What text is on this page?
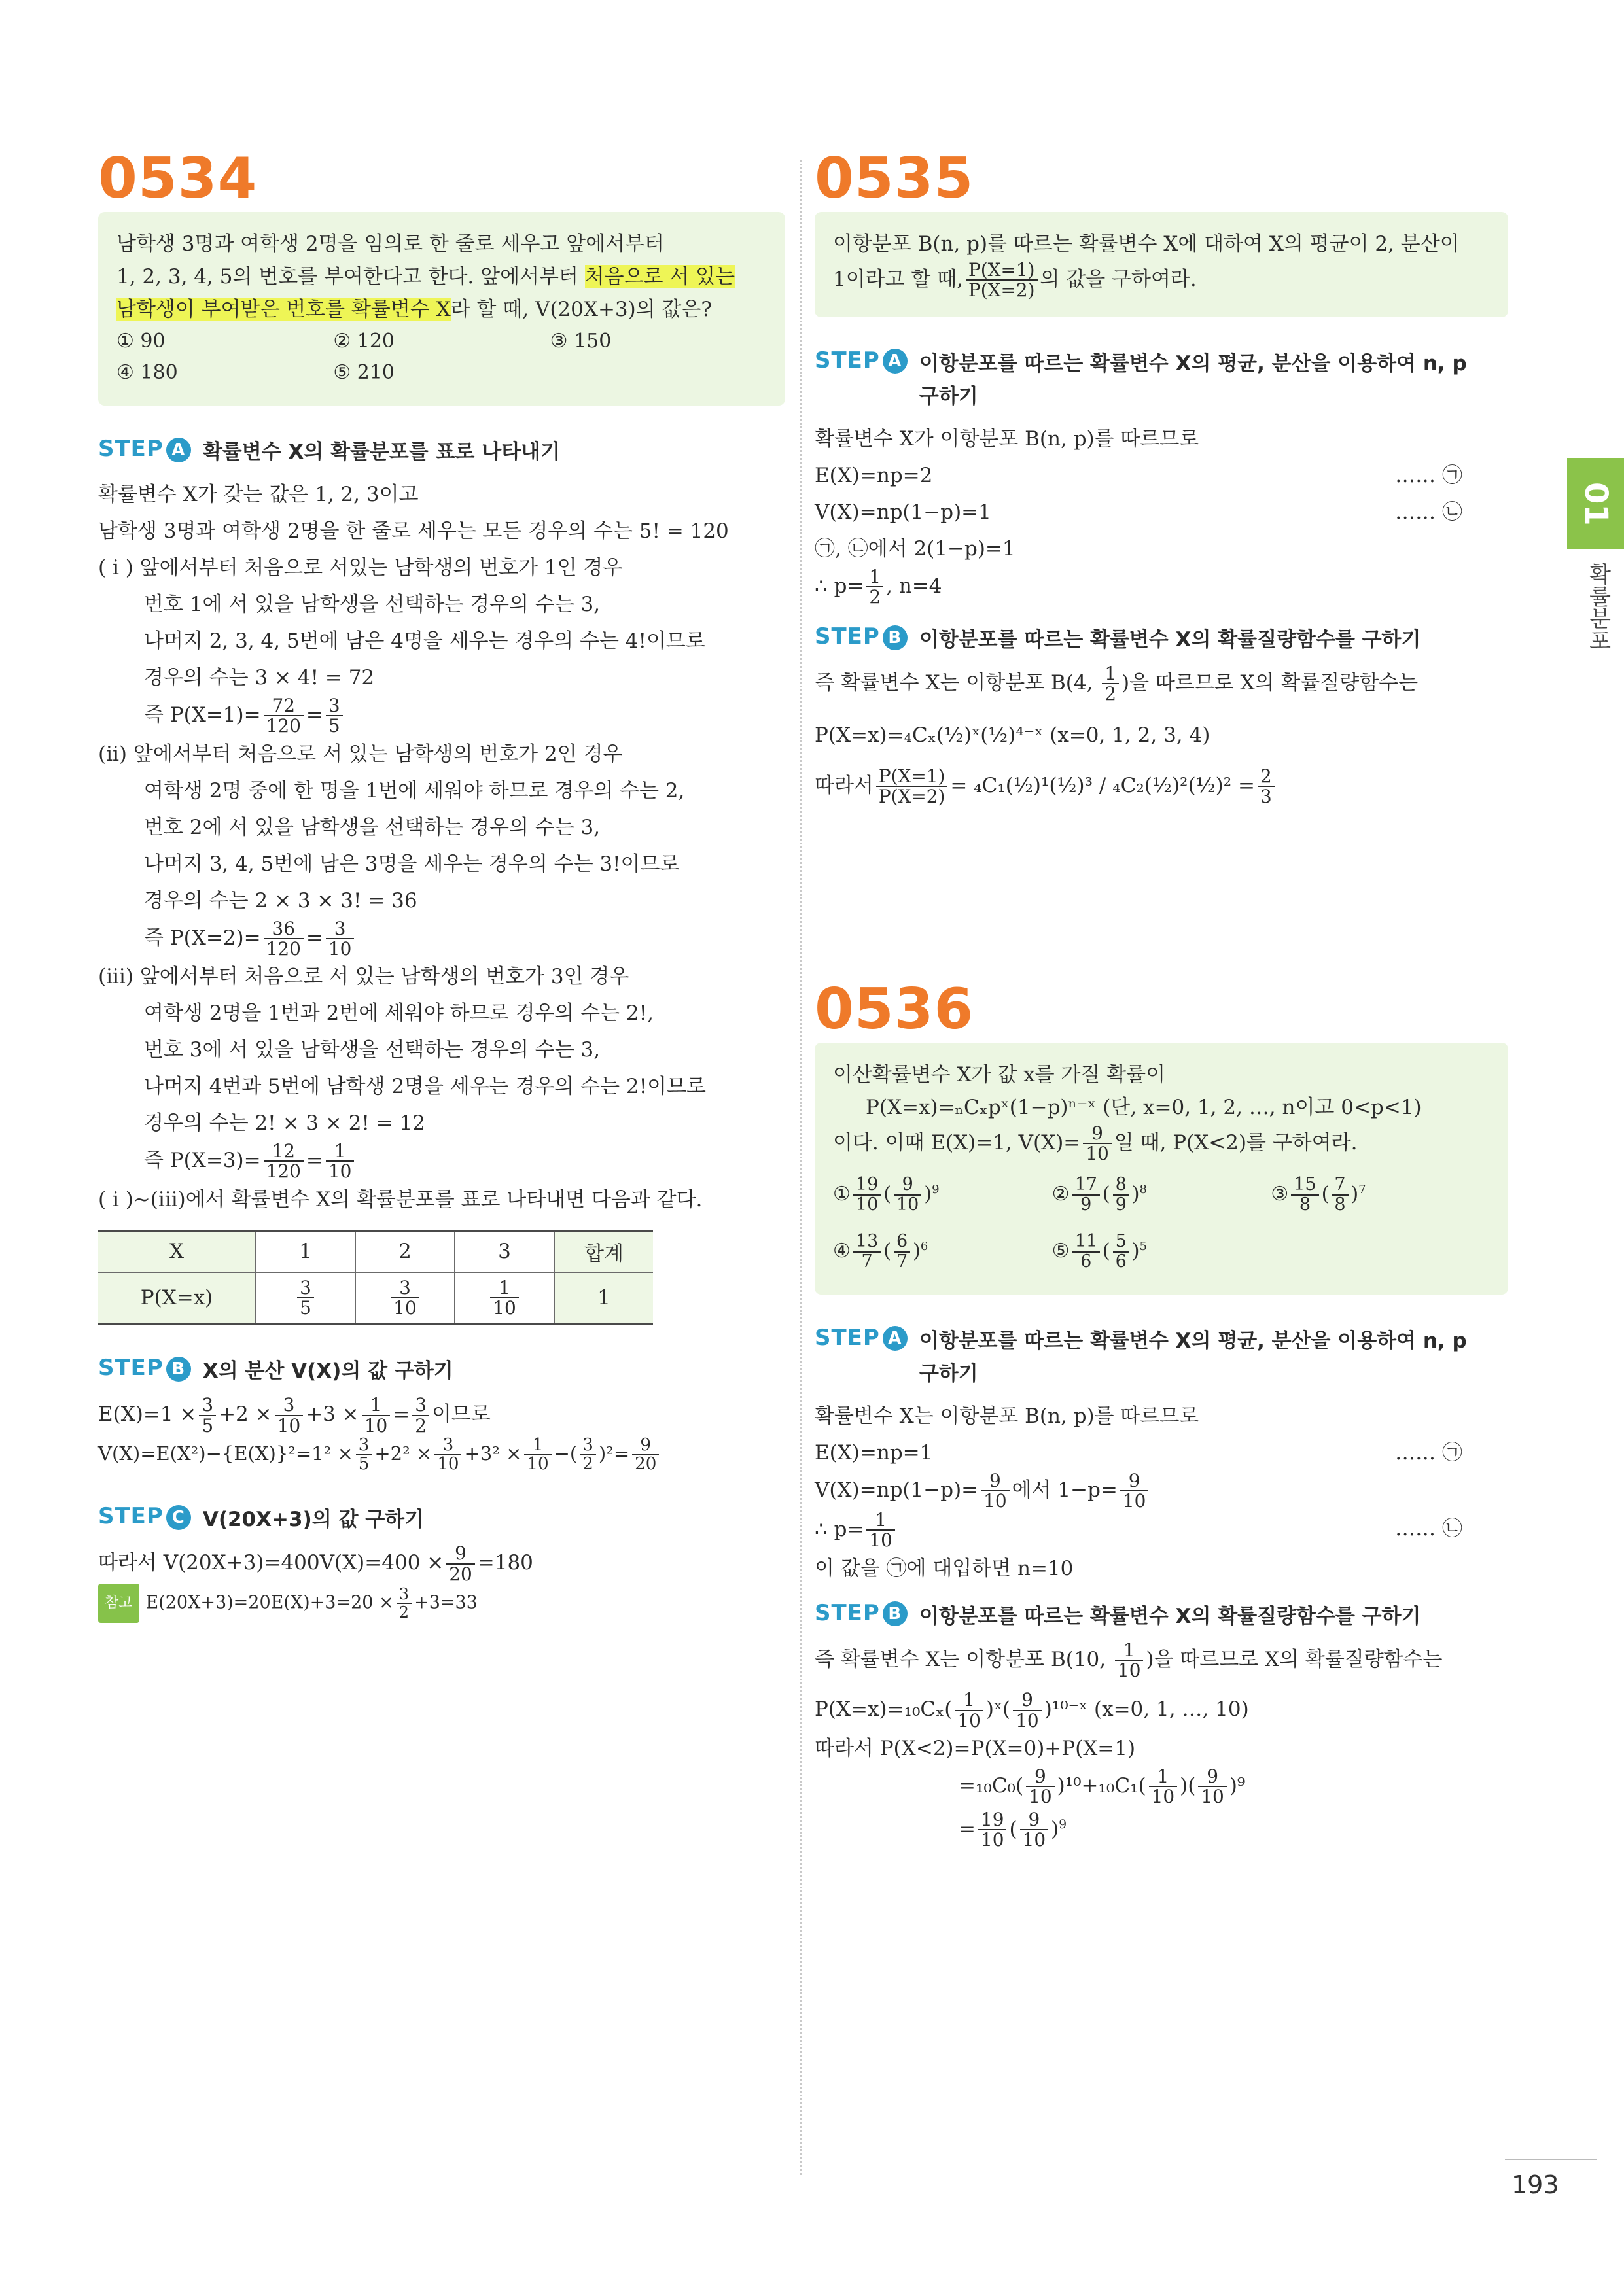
0534

남학생 3명과 여학생 2명을 임의로 한 줄로 세우고 앞에서부터

1, 2, 3, 4, 5의 번호를 부여한다고 한다. 앞에서부터 처음으로 서 있는

남학생이 부여받은 번호를 확률변수 X라 할 때, V(20X+3)의 값은?

① 90	② 120	③ 150
④ 180	⑤ 210
STEP A 확률변수 X의 확률분포를 표로 나타내기

확률변수 X가 갖는 값은 1, 2, 3이고

남학생 3명과 여학생 2명을 한 줄로 세우는 모든 경우의 수는 5! = 120

( i ) 앞에서부터 처음으로 서있는 남학생의 번호가 1인 경우

번호 1에 서 있을 남학생을 선택하는 경우의 수는 3,

나머지 2, 3, 4, 5번에 남은 4명을 세우는 경우의 수는 4!이므로

경우의 수는 3 × 4! = 72

즉 $P(X=1)= \frac{72}{120} = \frac{3}{5}$

(ii) 앞에서부터 처음으로 서 있는 남학생의 번호가 2인 경우

여학생 2명 중에 한 명을 1번에 세워야 하므로 경우의 수는 2,

번호 2에 서 있을 남학생을 선택하는 경우의 수는 3,

나머지 3, 4, 5번에 남은 3명을 세우는 경우의 수는 3!이므로

경우의 수는 2 × 3 × 3! = 36

즉 $P(X=2)= \frac{36}{120} = \frac{3}{10}$

(iii) 앞에서부터 처음으로 서 있는 남학생의 번호가 3인 경우

여학생 2명을 1번과 2번에 세워야 하므로 경우의 수는 2!,

번호 3에 서 있을 남학생을 선택하는 경우의 수는 3,

나머지 4번과 5번에 남학생 2명을 세우는 경우의 수는 2!이므로

경우의 수는 2! × 3 × 2! = 12

즉 $P(X=3)= \frac{12}{120} = \frac{1}{10}$

( i )~(iii)에서 확률변수 X의 확률분포를 표로 나타내면 다음과 같다.

X	1	2	3	합계
P(X=x)	$\frac{3}{5}$	$\frac{3}{10}$	$\frac{1}{10}$	1
STEP B X의 분산 V(X)의 값 구하기

$E(X)=1 \times \frac{3}{5} +2 \times \frac{3}{10} +3 \times \frac{1}{10} = \frac{3}{2}$ 이므로

$V(X)=E(X^2)-\{E(X)\}^2=1^2 \times \frac{3}{5} +2^2 \times \frac{3}{10} +3^2 \times \frac{1}{10}$ −( $\frac{3}{2} )^2= \frac{9}{20}$

STEP C V(20X+3)의 값 구하기

따라서 $V(20X+3)=400V(X)=400 \times \frac{9}{20} =180$

참고 $E(20X+3)=20E(X)+3=20 \times \frac{3}{2} +3=33$

0535

이항분포 B(n, p)를 따르는 확률변수 X에 대하여 X의 평균이 2, 분산이

1이라고 할 때, $\frac{P(X=1)}{P(X=2)}$ 의 값을 구하여라.

STEP A 이항분포를 따르는 확률변수 X의 평균, 분산을 이용하여 n, p 구하기

확률변수 X가 이항분포 B(n, p)를 따르므로

E(X)=np=2	…… ㉠

V(X)=np(1−p)=1	…… ㉡

㉠, ㉡에서 2(1−p)=1

∴ $p= \frac{1}{2}$ , n=4

STEP B 이항분포를 따르는 확률변수 X의 확률질량함수를 구하기

즉 확률변수 X는 이항분포 B(4, $\frac{1}{2}$ )을 따르므로 X의 확률질량함수는

P(X=x)=₄Cₓ(½)ˣ(½)⁴⁻ˣ (x=0, 1, 2, 3, 4)

따라서 $\frac{P(X=1)}{P(X=2)}$ = ₄C₁(½)¹(½)³ / ₄C₂(½)²(½)² = $\frac{2}{3}$

0536

이산확률변수 X가 값 x를 가질 확률이

P(X=x)=ₙCₓpˣ(1−p)ⁿ⁻ˣ (단, x=0, 1, 2, …, n이고 0<p<1)

이다. 이때 E(X)=1, $V(X)= \frac{9}{10}$ 일 때, P(X<2)를 구하여라.

① $\frac{19}{10}$ ( $\frac{9}{10} )^9$	② $\frac{17}{9}$ ( $\frac{8}{9} )^8$	③ $\frac{15}{8}$ ( $\frac{7}{8} )^7$
④ $\frac{13}{7}$ ( $\frac{6}{7} )^6$	⑤ $\frac{11}{6}$ ( $\frac{5}{6} )^5$
STEP A 이항분포를 따르는 확률변수 X의 평균, 분산을 이용하여 n, p 구하기

확률변수 X는 이항분포 B(n, p)를 따르므로

E(X)=np=1	…… ㉠

$V(X)=np(1-p)= \frac{9}{10}$ 에서 $1-p= \frac{9}{10}$

∴ $p= \frac{1}{10}$	…… ㉡

이 값을 ㉠에 대입하면 n=10

STEP B 이항분포를 따르는 확률변수 X의 확률질량함수를 구하기

즉 확률변수 X는 이항분포 B(10, $\frac{1}{10}$ )을 따르므로 X의 확률질량함수는

$P(X=x)=_{10}C_x( \frac{1}{10}$ )ˣ( $\frac{9}{10}$ )¹⁰⁻ˣ (x=0, 1, …, 10)

따라서 P(X<2)=P(X=0)+P(X=1)

$=_{10}C_0( \frac{9}{10} )^{10}+_{10}C_1( \frac{1}{10}$ )( $\frac{9}{10} )^9$

= $\frac{19}{10}$ ( $\frac{9}{10} )^9$

01
확률분포
193
